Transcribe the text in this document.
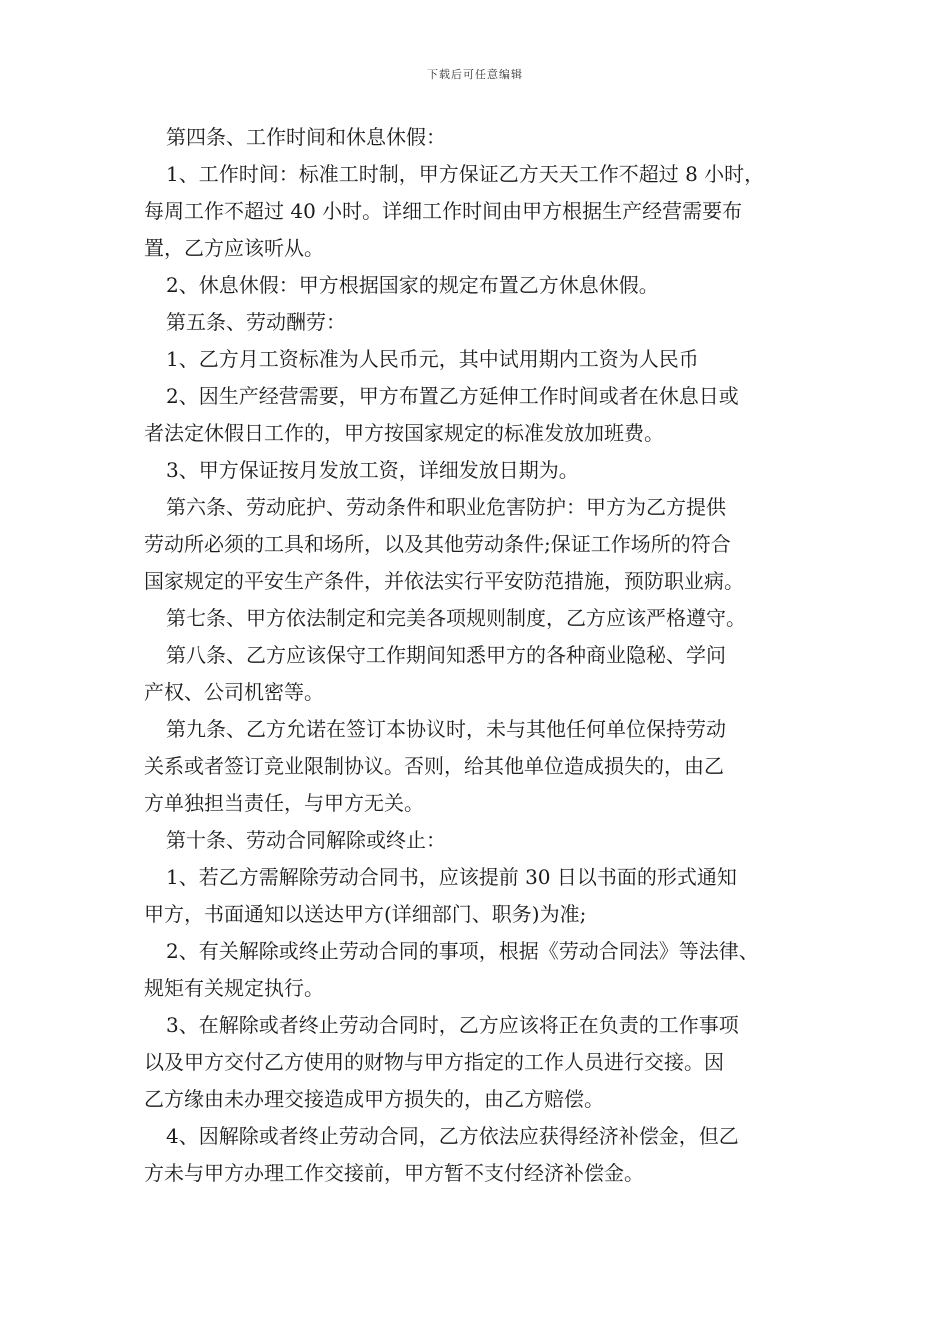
下载后可任意编辑
第四条、工作时间和休息休假：
1、工作时间：标准工时制，甲方保证乙方天天工作不超过 8 小时，
每周工作不超过 40 小时。详细工作时间由甲方根据生产经营需要布
置，乙方应该听从。
2、休息休假：甲方根据国家的规定布置乙方休息休假。
第五条、劳动酬劳：
1、乙方月工资标准为人民币元，其中试用期内工资为人民币
2、因生产经营需要，甲方布置乙方延伸工作时间或者在休息日或
者法定休假日工作的，甲方按国家规定的标准发放加班费。
3、甲方保证按月发放工资，详细发放日期为。
第六条、劳动庇护、劳动条件和职业危害防护：甲方为乙方提供
劳动所必须的工具和场所，以及其他劳动条件;保证工作场所的符合
国家规定的平安生产条件，并依法实行平安防范措施，预防职业病。
第七条、甲方依法制定和完美各项规则制度，乙方应该严格遵守。
第八条、乙方应该保守工作期间知悉甲方的各种商业隐秘、学问
产权、公司机密等。
第九条、乙方允诺在签订本协议时，未与其他任何单位保持劳动
关系或者签订竞业限制协议。否则，给其他单位造成损失的，由乙
方单独担当责任，与甲方无关。
第十条、劳动合同解除或终止：
1、若乙方需解除劳动合同书，应该提前 30 日以书面的形式通知
甲方，书面通知以送达甲方(详细部门、职务)为准;
2、有关解除或终止劳动合同的事项，根据《劳动合同法》等法律、
规矩有关规定执行。
3、在解除或者终止劳动合同时，乙方应该将正在负责的工作事项
以及甲方交付乙方使用的财物与甲方指定的工作人员进行交接。因
乙方缘由未办理交接造成甲方损失的，由乙方赔偿。
4、因解除或者终止劳动合同，乙方依法应获得经济补偿金，但乙
方未与甲方办理工作交接前，甲方暂不支付经济补偿金。
